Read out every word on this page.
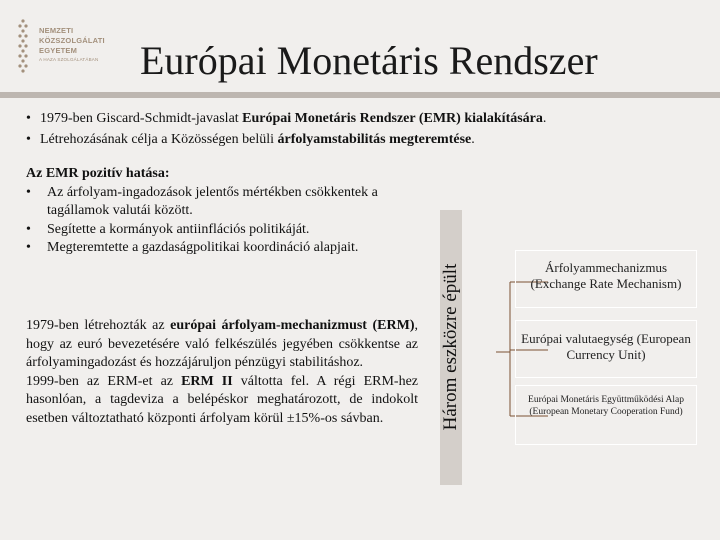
NEMZETI
KÖZSZOLGÁLATI
EGYETEM
A HAZA SZOLGÁLATÁBAN Európai Monetáris Rendszer
• 1979-ben Giscard-Schmidt-javaslat Európai Monetáris Rendszer (EMR) kialakítására.
• Létrehozásának célja a Közösségen belüli árfolyamstabilitás megteremtése.
Az EMR pozitív hatása:
• Az árfolyam-ingadozások jelentős mértékben csökkentek a tagállamok valutái között.
• Segítette a kormányok antiinflációs politikáját.
• Megteremtette a gazdaságpolitikai koordináció alapjait.
1979-ben létrehozták az európai árfolyam-mechanizmust (ERM), hogy az euró bevezetésére való felkészülés jegyében csökkentse az árfolyamingadozást és hozzájáruljon pénzügyi stabilitáshoz.
1999-ben az ERM-et az ERM II váltotta fel. A régi ERM-hez hasonlóan, a tagdeviza a belépéskor meghatározott, de indokolt esetben változtatható központi árfolyam körül ±15%-os sávban.	Három eszközre épült	Árfolyammechanizmus (Exchange Rate Mechanism)
Európai valutaegység (European Currency Unit)
Európai Monetáris Együttműködési Alap (European Monetary Cooperation Fund)
